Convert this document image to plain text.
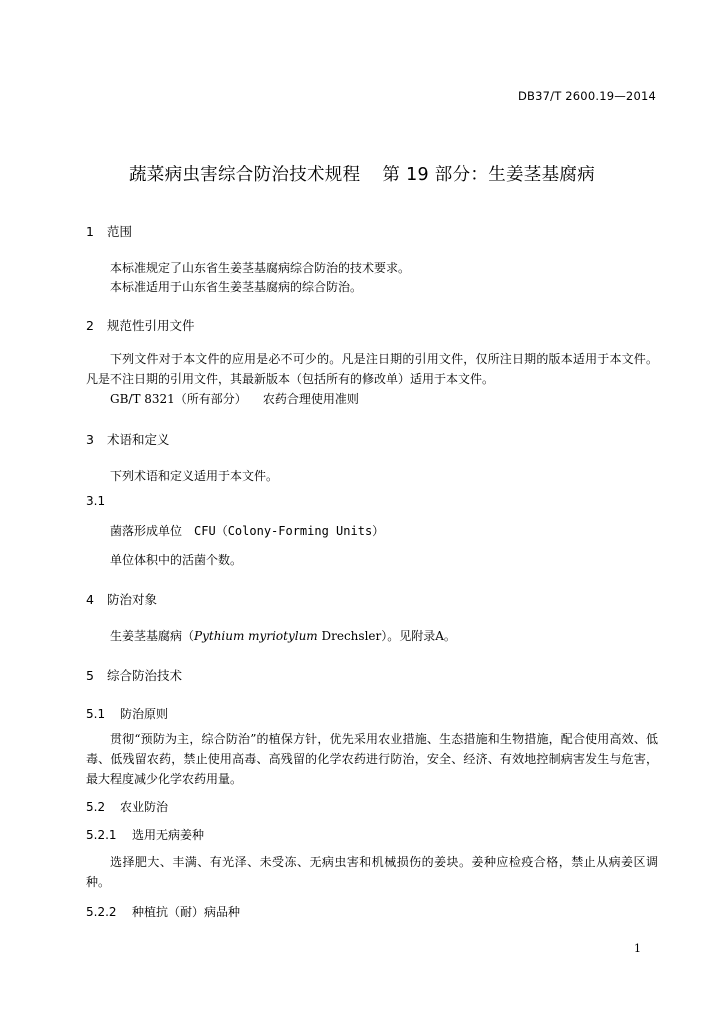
DB37/T 2600.19—2014
蔬菜病虫害综合防治技术规程 第 19 部分：生姜茎基腐病
1 范围
本标准规定了山东省生姜茎基腐病综合防治的技术要求。
本标准适用于山东省生姜茎基腐病的综合防治。
2 规范性引用文件
下列文件对于本文件的应用是必不可少的。凡是注日期的引用文件，仅所注日期的版本适用于本文件。凡是不注日期的引用文件，其最新版本（包括所有的修改单）适用于本文件。
GB/T 8321（所有部分） 农药合理使用准则
3 术语和定义
下列术语和定义适用于本文件。
3.1
菌落形成单位 CFU（Colony-Forming Units）
单位体积中的活菌个数。
4 防治对象
生姜茎基腐病（Pythium myriotylum Drechsler）。见附录A。
5 综合防治技术
5.1 防治原则
贯彻“预防为主，综合防治”的植保方针，优先采用农业措施、生态措施和生物措施，配合使用高效、低毒、低残留农药，禁止使用高毒、高残留的化学农药进行防治，安全、经济、有效地控制病害发生与危害，最大程度减少化学农药用量。
5.2 农业防治
5.2.1 选用无病姜种
选择肥大、丰满、有光泽、未受冻、无病虫害和机械损伤的姜块。姜种应检疫合格，禁止从病姜区调种。
5.2.2 种植抗（耐）病品种
1
